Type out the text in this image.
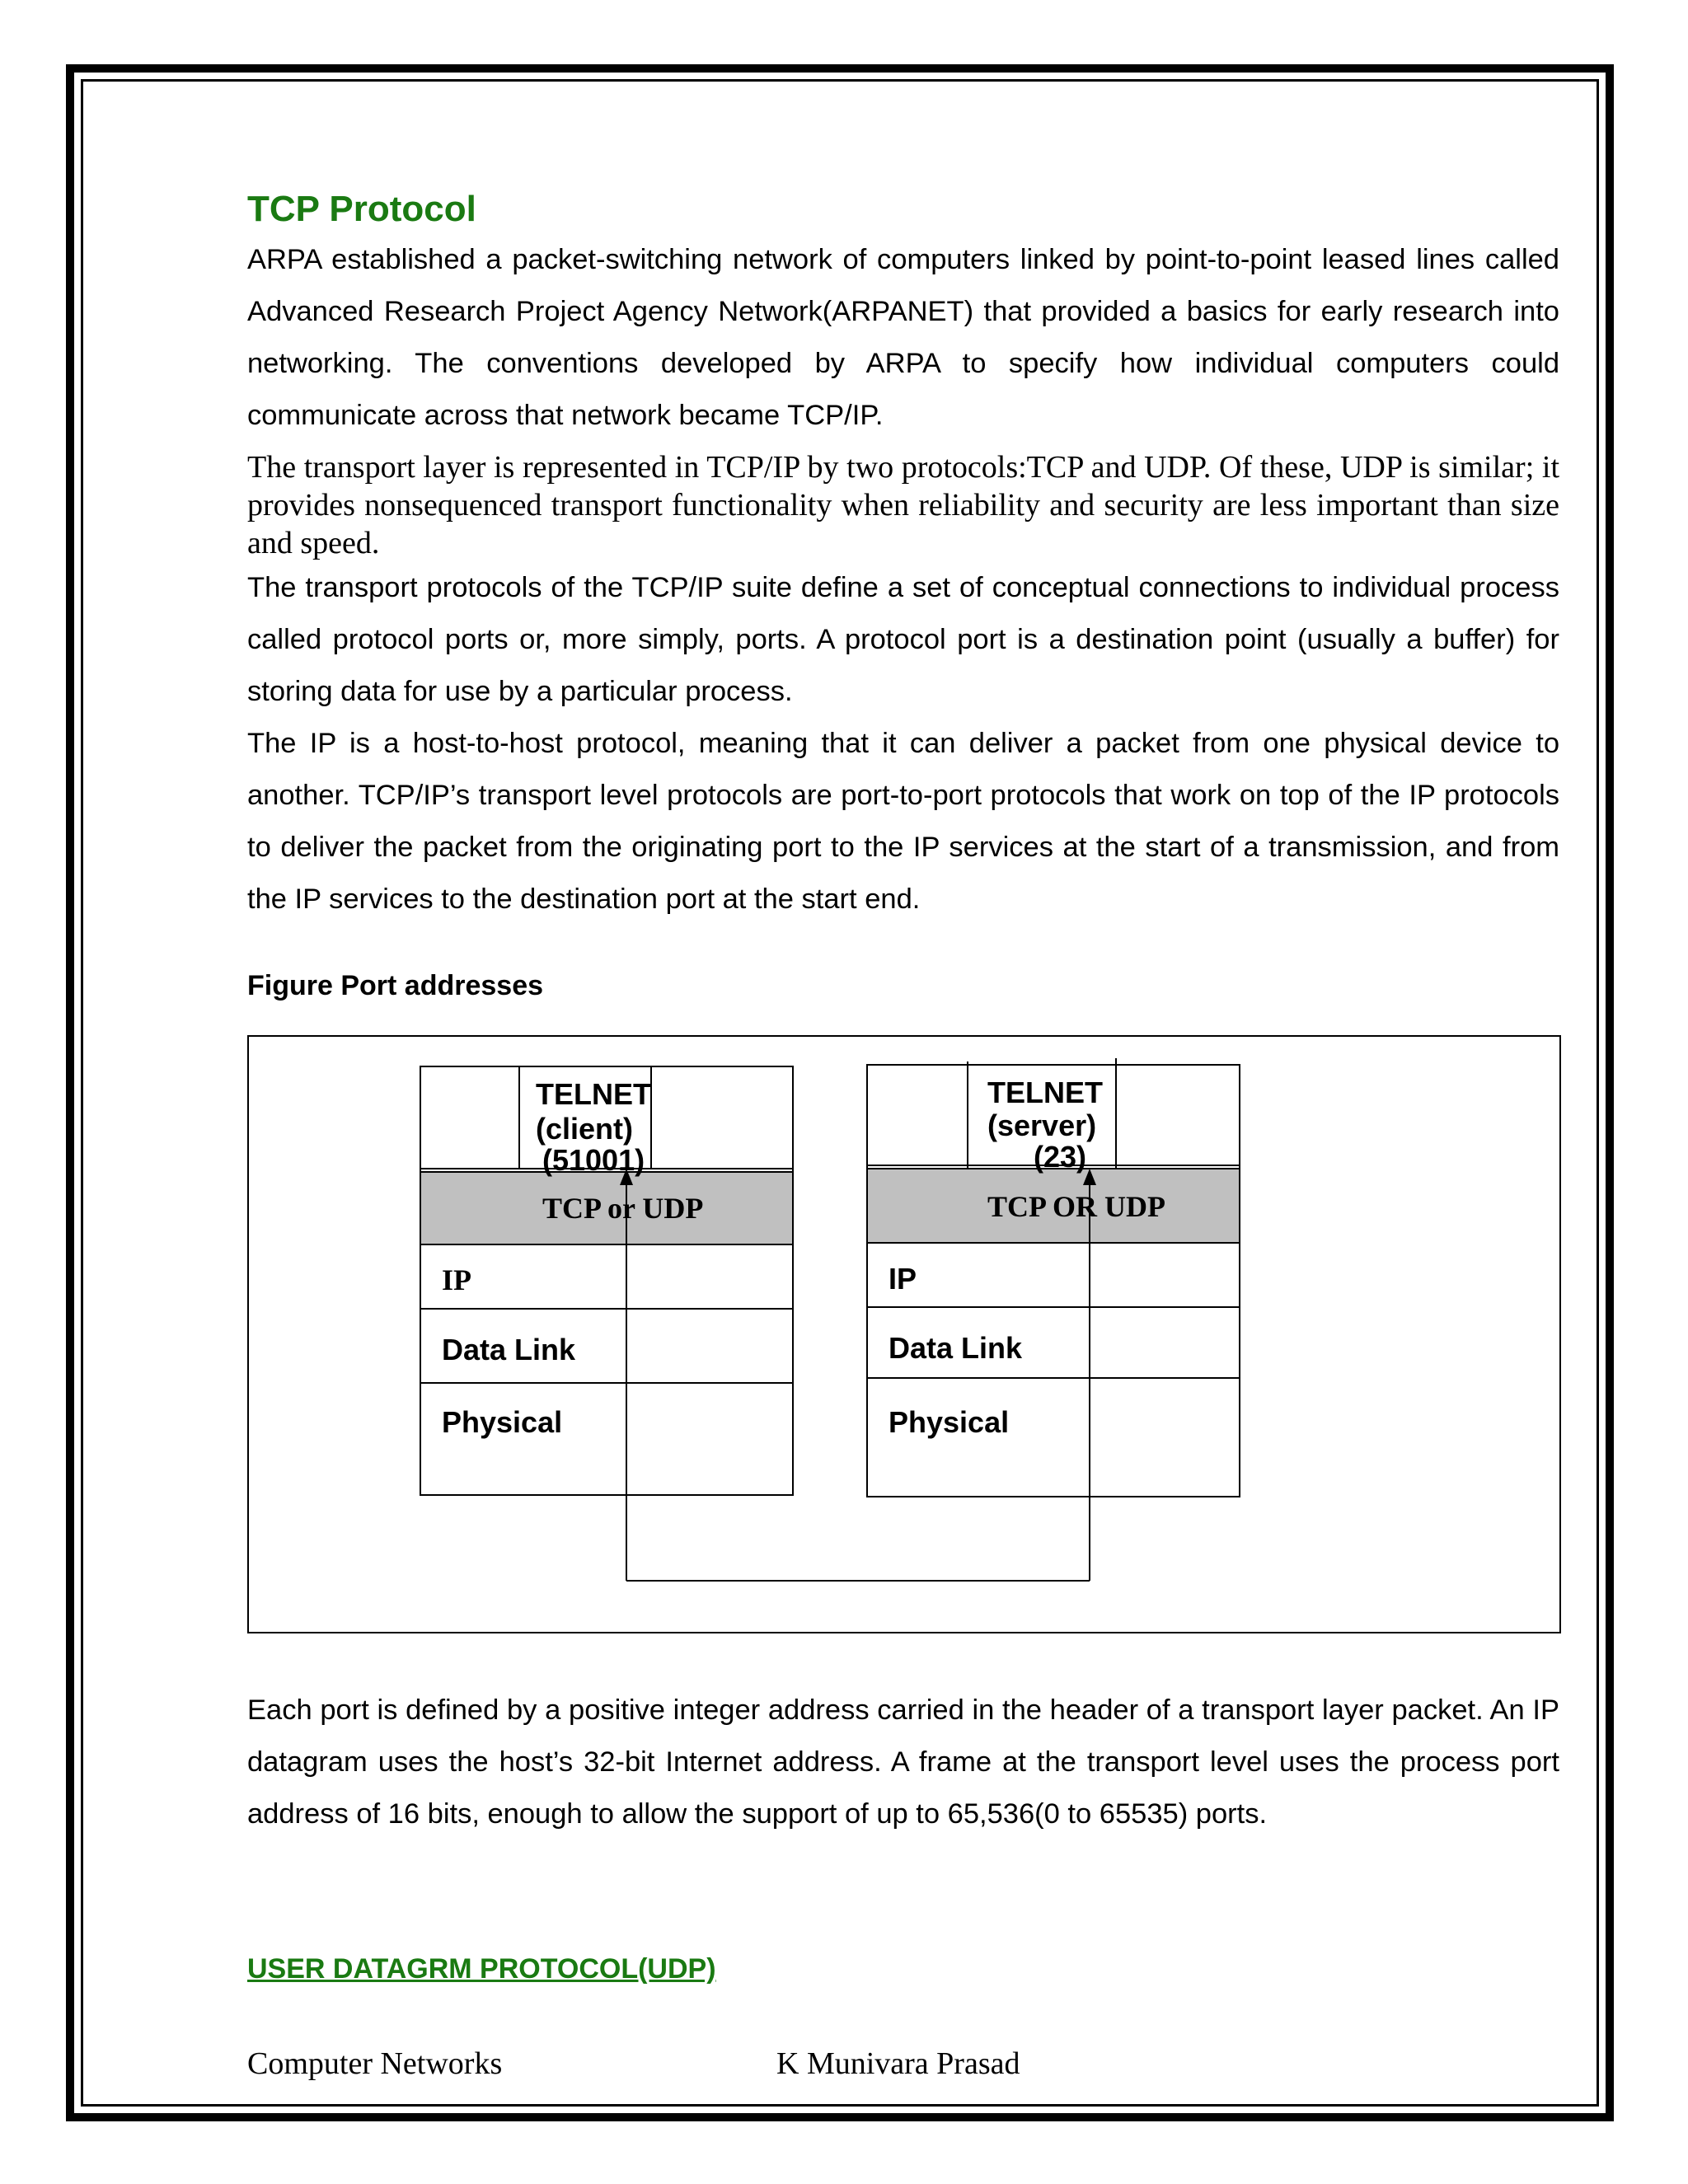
TCP Protocol

ARPA established a packet-switching network of computers linked by point-to-point leased lines called Advanced Research Project Agency Network(ARPANET) that provided a basics for early research into networking. The conventions developed by ARPA to specify how individual computers could communicate across that network became TCP/IP.

The transport layer is represented in TCP/IP by two protocols:TCP and UDP. Of these, UDP is similar; it provides nonsequenced transport functionality when reliability and security are less important than size and speed.

The transport protocols of the TCP/IP suite define a set of conceptual connections to individual process called protocol ports or, more simply, ports. A protocol port is a destination point (usually a buffer) for storing data for use by a particular process.

The IP is a host-to-host protocol, meaning that it can deliver a packet from one physical device to another. TCP/IP’s transport level protocols are port-to-port protocols that work on top of the IP protocols to deliver the packet from the originating port to the IP services at the start of a transmission, and from the IP services to the destination port at the start end.

Figure Port addresses

TELNET
(client)
(51001)
TCP or UDP
IP
Data Link
Physical
TELNET
(server)
(23)
TCP OR UDP
IP
Data Link
Physical

Each port is defined by a positive integer address carried in the header of a transport layer packet. An IP datagram uses the host’s 32-bit Internet address. A frame at the transport level uses the process port address of 16 bits, enough to allow the support of up to 65,536(0 to 65535) ports.

USER DATAGRM PROTOCOL(UDP)
Computer Networks	K Munivara Prasad
